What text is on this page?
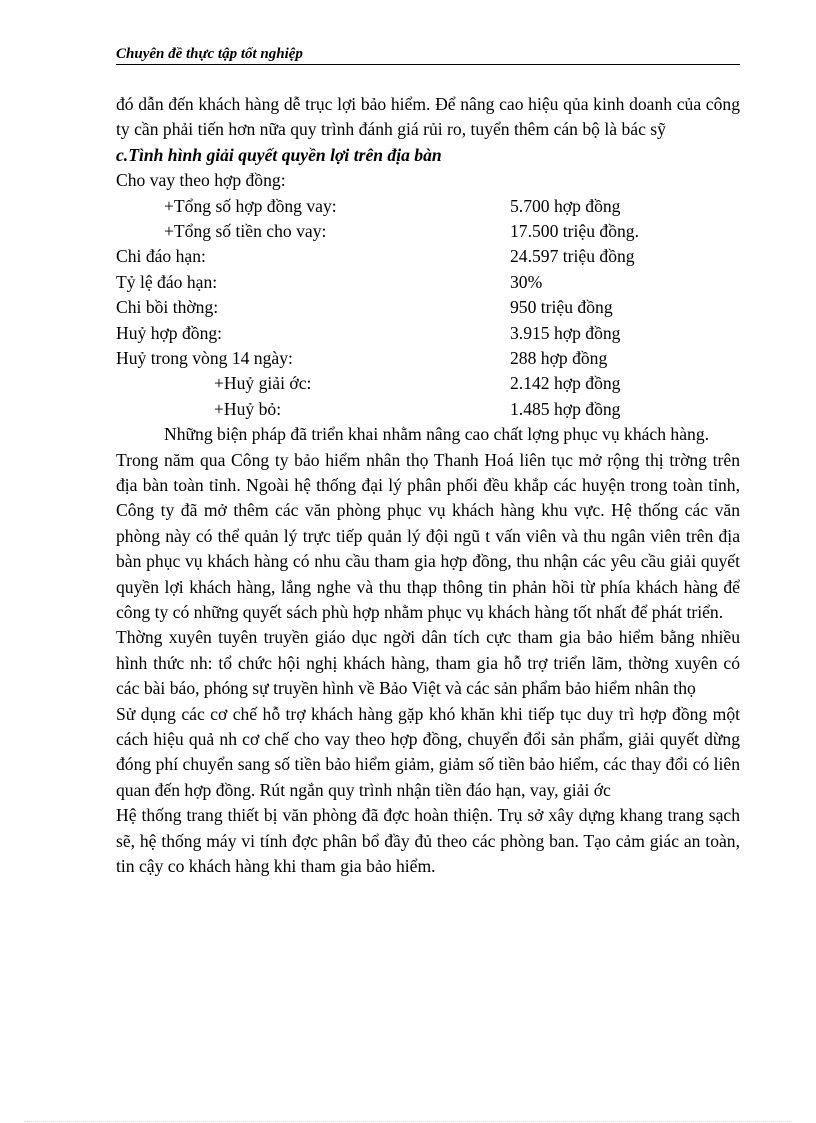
Chuyên đề thực tập tốt nghiệp

đó dẫn đến khách hàng dễ trục lợi bảo hiểm. Để nâng cao hiệu qủa kinh doanh của công ty cần phải tiến hơn nữa quy trình đánh giá rủi ro, tuyển thêm cán bộ là bác sỹ

c.Tình hình giải quyết quyền lợi trên địa bàn

Cho vay theo hợp đồng:

+Tổng số hợp đồng vay:	5.700 hợp đồng
+Tổng số tiền cho vay:	17.500 triệu đồng.
Chi đáo hạn:	24.597 triệu đồng
Tỷ lệ đáo hạn:	30%
Chi bồi thờng:	950 triệu đồng
Huỷ hợp đồng:	3.915 hợp đồng
Huỷ trong vòng 14 ngày:	288 hợp đồng
+Huỷ giải ớc:	2.142 hợp đồng
+Huỷ bỏ:	1.485 hợp đồng

Những biện pháp đã triển khai nhằm nâng cao chất lợng phục vụ khách hàng.

Trong năm qua Công ty bảo hiểm nhân thọ Thanh Hoá liên tục mở rộng thị trờng trên địa bàn toàn tỉnh. Ngoài hệ thống đại lý phân phối đều khắp các huyện trong toàn tỉnh, Công ty đã mở thêm các văn phòng phục vụ khách hàng khu vực. Hệ thống các văn phòng này có thể quản lý trực tiếp quản lý đội ngũ t vấn viên và thu ngân viên trên địa bàn phục vụ khách hàng có nhu cầu tham gia hợp đồng, thu nhận các yêu cầu giải quyết quyền lợi khách hàng, lắng nghe và thu thạp thông tin phản hồi từ phía khách hàng để công ty có những quyết sách phù hợp nhằm phục vụ khách hàng tốt nhất để phát triển.

Thờng xuyên tuyên truyền giáo dục ngời dân tích cực tham gia bảo hiểm bằng nhiều hình thức nh: tổ chức hội nghị khách hàng, tham gia hỗ trợ triển lãm, thờng xuyên có các bài báo, phóng sự truyền hình về Bảo Việt và các sản phẩm bảo hiểm nhân thọ

Sử dụng các cơ chế hỗ trợ khách hàng gặp khó khăn khi tiếp tục duy trì hợp đồng một cách hiệu quả nh cơ chế cho vay theo hợp đồng, chuyển đổi sản phẩm, giải quyết dừng đóng phí chuyển sang số tiền bảo hiểm giảm, giảm số tiền bảo hiểm, các thay đổi có liên quan đến hợp đồng. Rút ngắn quy trình nhận tiền đáo hạn, vay, giải ớc

Hệ thống trang thiết bị văn phòng đã đợc hoàn thiện. Trụ sở xây dựng khang trang sạch sẽ, hệ thống máy vi tính đợc phân bổ đầy đủ theo các phòng ban. Tạo cảm giác an toàn, tin cậy co khách hàng khi tham gia bảo hiểm.
